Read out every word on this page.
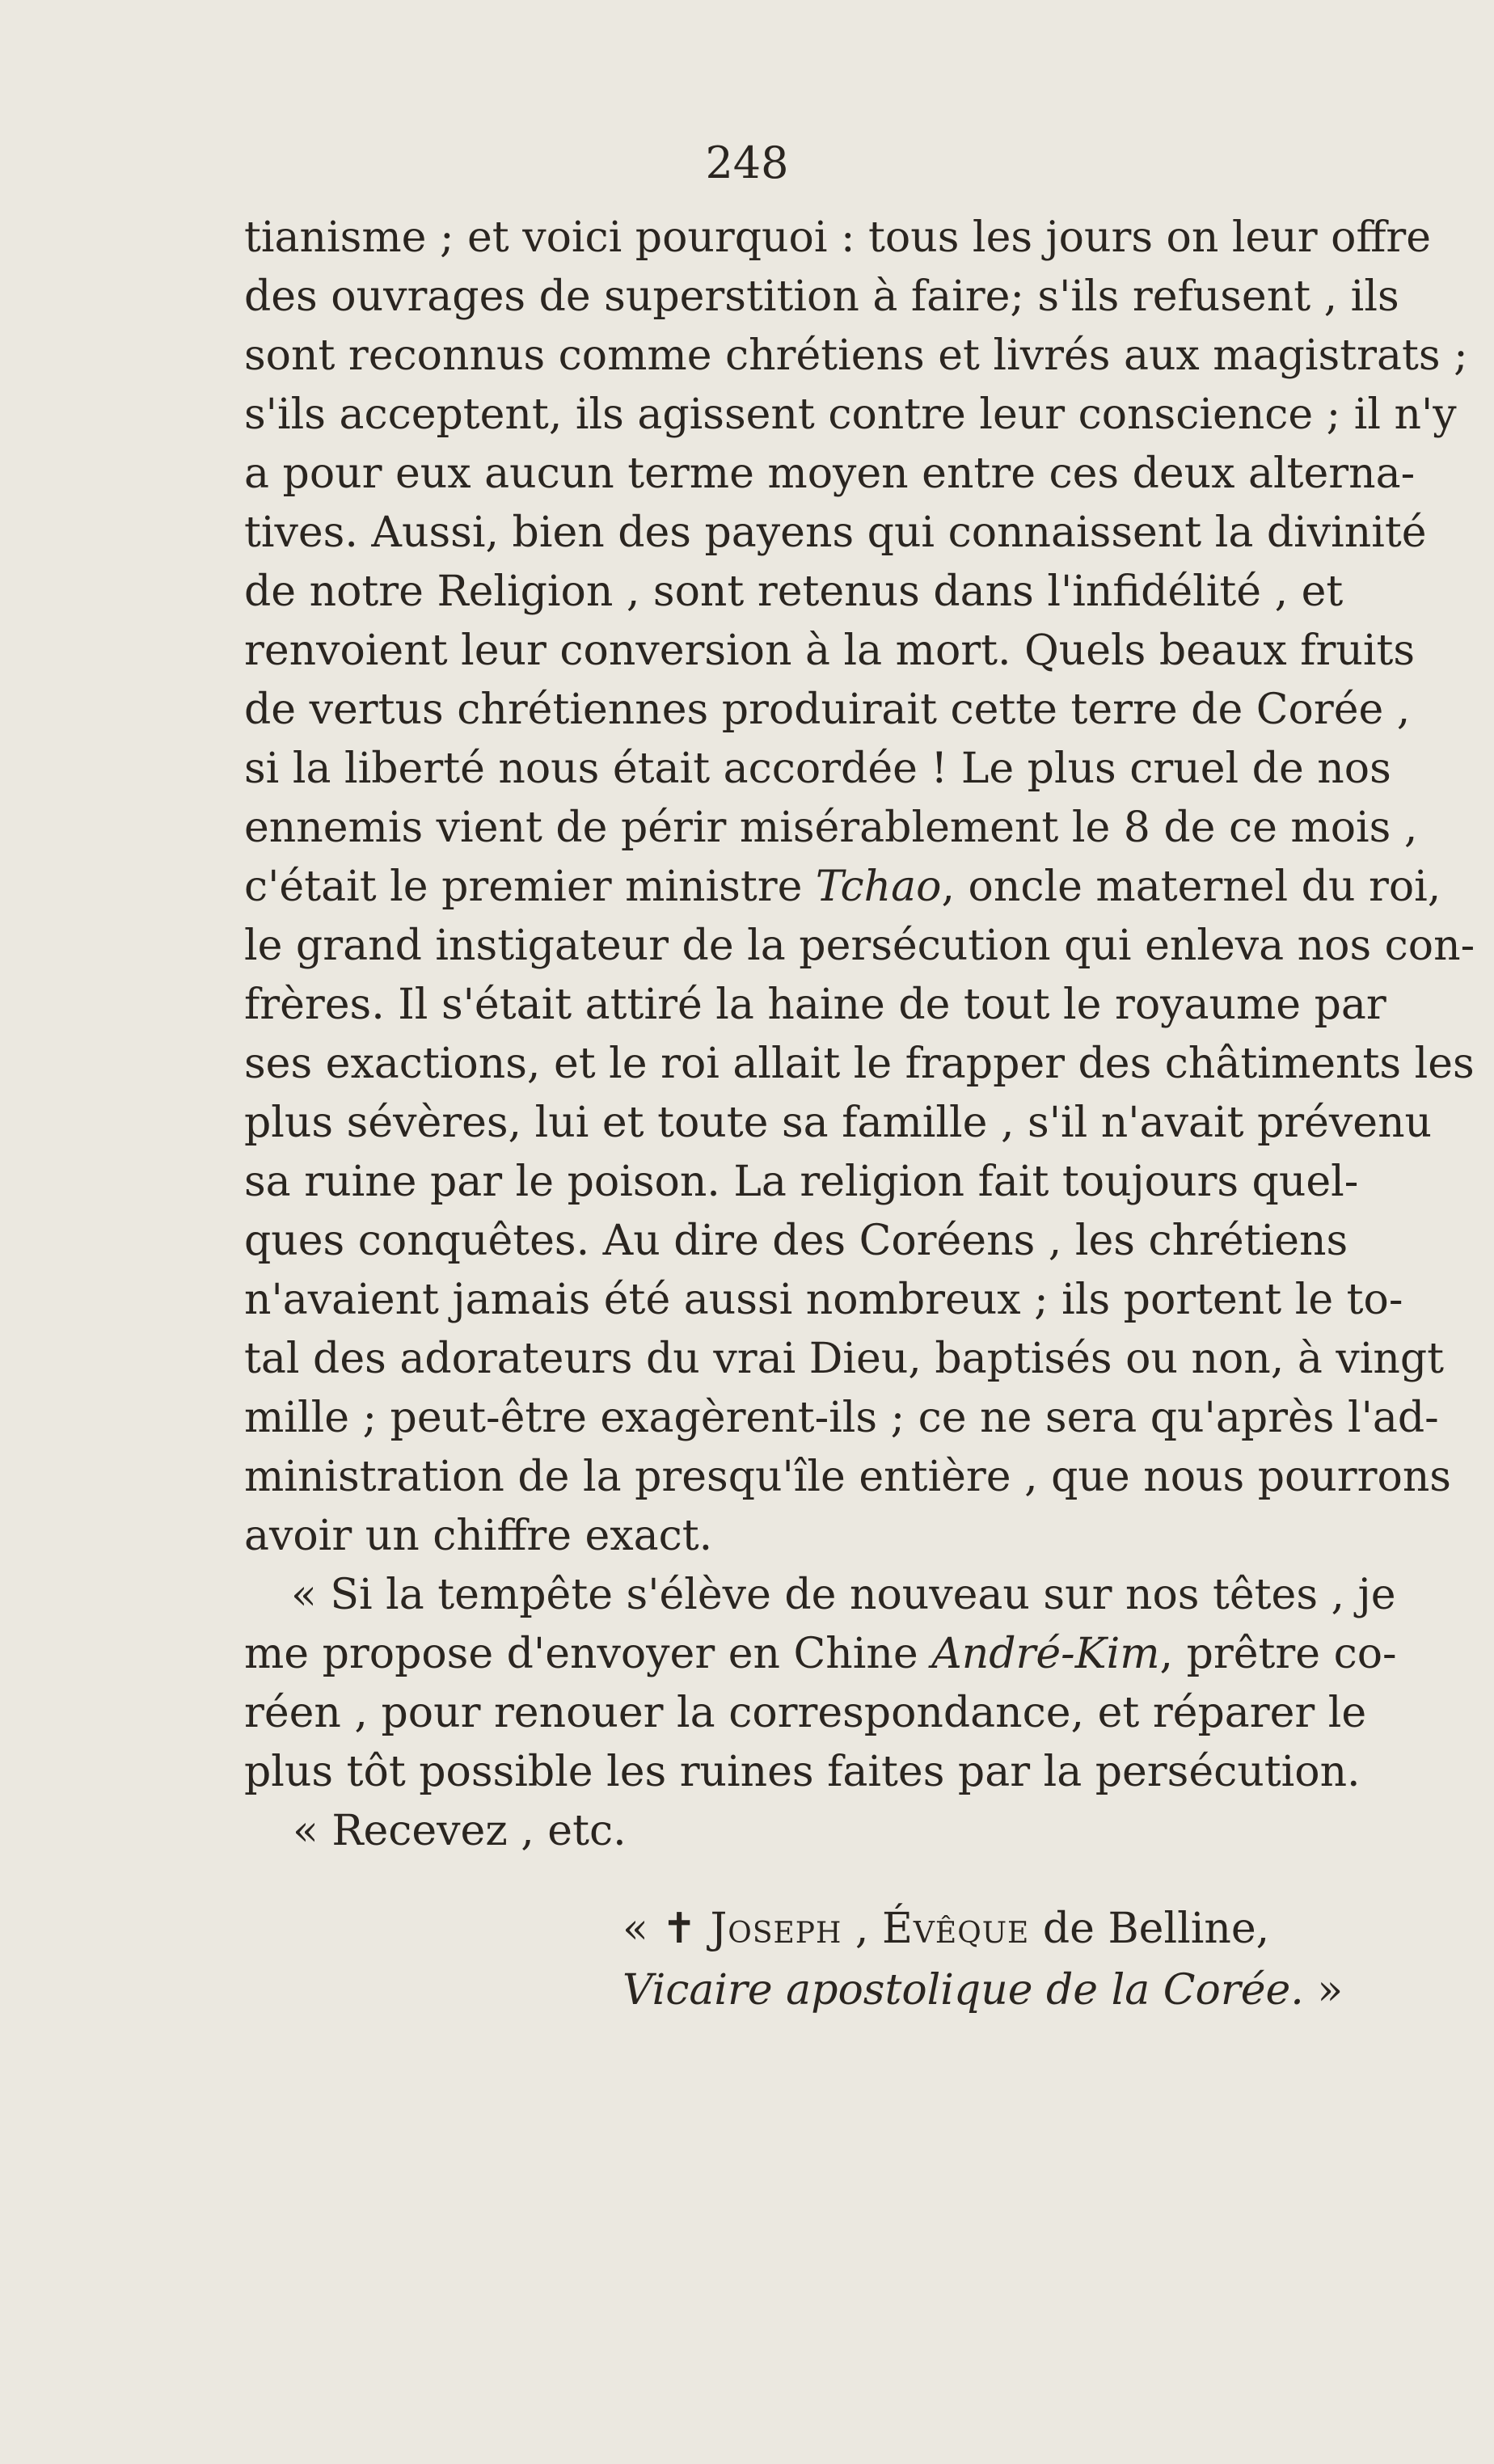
248
tianisme ; et voici pourquoi : tous les jours on leur offre
des ouvrages de superstition à faire; s'ils refusent , ils
sont reconnus comme chrétiens et livrés aux magistrats ;
s'ils acceptent, ils agissent contre leur conscience ; il n'y
a pour eux aucun terme moyen entre ces deux alterna-
tives. Aussi, bien des payens qui connaissent la divinité
de notre Religion , sont retenus dans l'infidélité , et
renvoient leur conversion à la mort. Quels beaux fruits
de vertus chrétiennes produirait cette terre de Corée ,
si la liberté nous était accordée ! Le plus cruel de nos
ennemis vient de périr misérablement le 8 de ce mois ,
c'était le premier ministre Tchao, oncle maternel du roi,
le grand instigateur de la persécution qui enleva nos con-
frères. Il s'était attiré la haine de tout le royaume par
ses exactions, et le roi allait le frapper des châtiments les
plus sévères, lui et toute sa famille , s'il n'avait prévenu
sa ruine par le poison. La religion fait toujours quel-
ques conquêtes. Au dire des Coréens , les chrétiens
n'avaient jamais été aussi nombreux ; ils portent le to-
tal des adorateurs du vrai Dieu, baptisés ou non, à vingt
mille ; peut-être exagèrent-ils ; ce ne sera qu'après l'ad-
ministration de la presqu'île entière , que nous pourrons
avoir un chiffre exact.
« Si la tempête s'élève de nouveau sur nos têtes , je
me propose d'envoyer en Chine André-Kim, prêtre co-
réen , pour renouer la correspondance, et réparer le
plus tôt possible les ruines faites par la persécution.
« Recevez , etc.
« ✝ Joseph , Évêque de Belline,
Vicaire apostolique de la Corée. »
